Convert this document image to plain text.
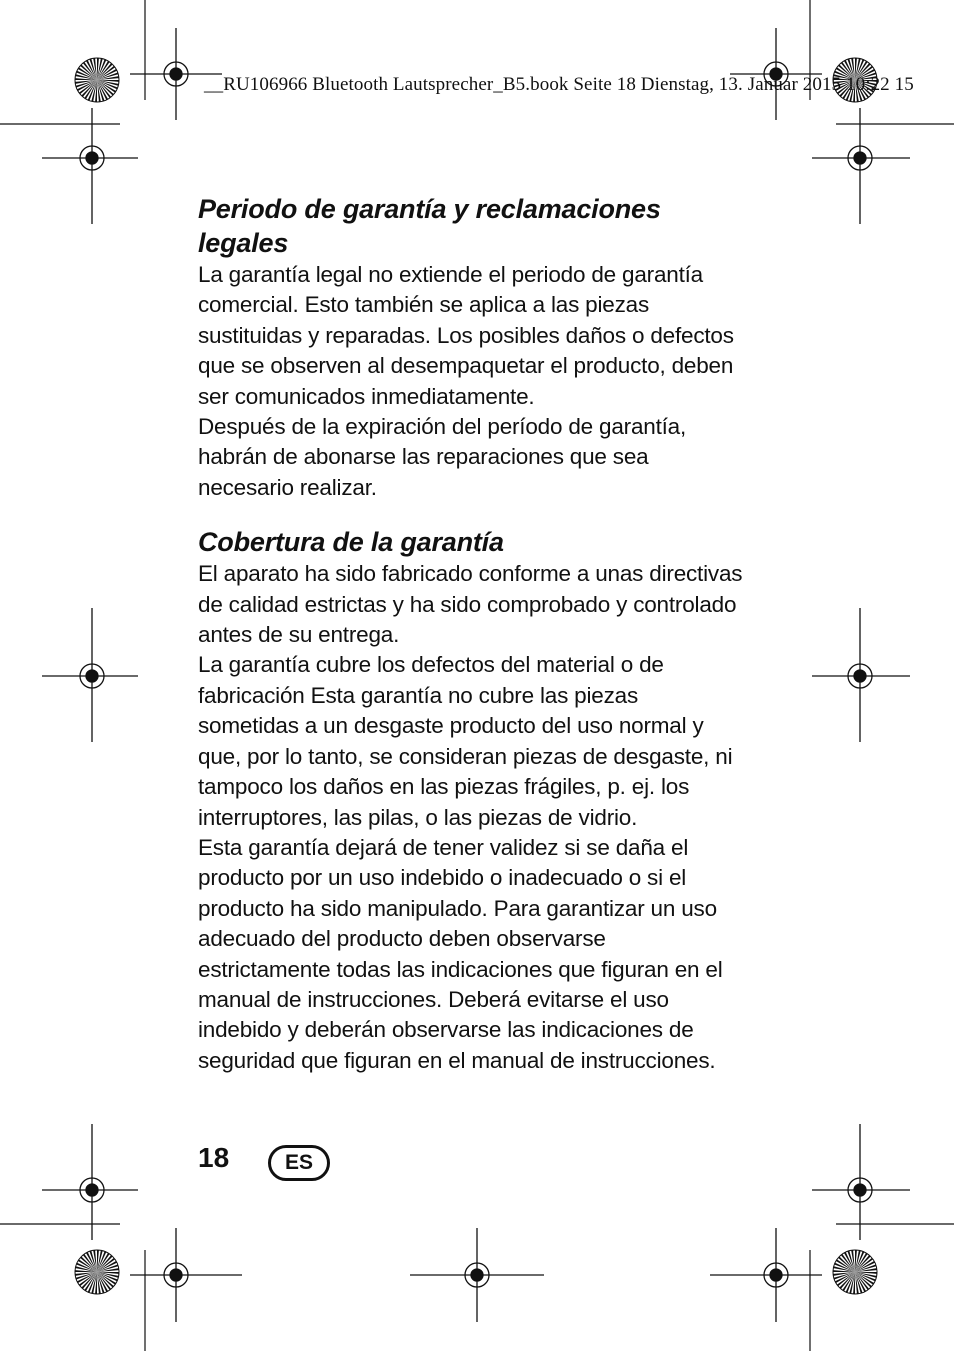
__RU106966 Bluetooth Lautsprecher_B5.book Seite 18 Dienstag, 13. Januar 2015 10:22 15
Periodo de garantía y reclamaciones legales

La garantía legal no extiende el periodo de garantía comercial. Esto también se aplica a las piezas sustituidas y reparadas. Los posibles daños o defectos que se observen al desempaquetar el producto, deben ser comunicados inmediatamente.

Después de la expiración del período de garantía, habrán de abonarse las reparaciones que sea necesario realizar.

Cobertura de la garantía

El aparato ha sido fabricado conforme a unas directivas de calidad estrictas y ha sido comprobado y controlado antes de su entrega.

La garantía cubre los defectos del material o de fabricación Esta garantía no cubre las piezas sometidas a un desgaste producto del uso normal y que, por lo tanto, se consideran piezas de desgaste, ni tampoco los daños en las piezas frágiles, p. ej. los interruptores, las pilas, o las piezas de vidrio.

Esta garantía dejará de tener validez si se daña el producto por un uso indebido o inadecuado o si el producto ha sido manipulado. Para garantizar un uso adecuado del producto deben observarse estrictamente todas las indicaciones que figuran en el manual de instrucciones. Deberá evitarse el uso indebido y deberán observarse las indicaciones de seguridad que figuran en el manual de instrucciones.

18	ES
